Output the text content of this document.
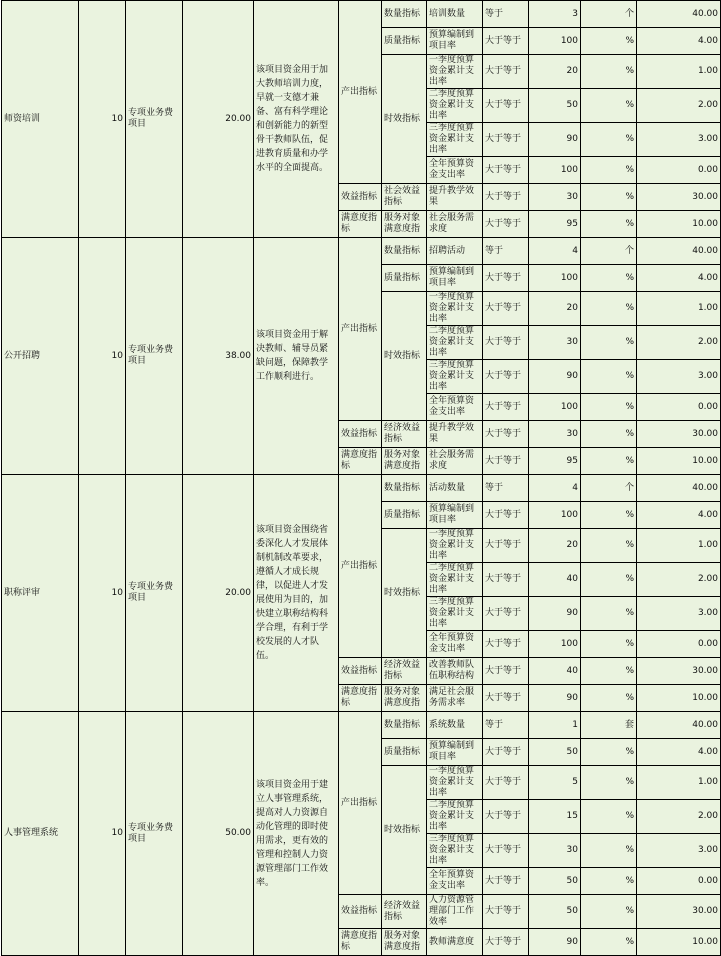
师资培训	10	专项业务费项目	20.00	该项目资金用于加大教师培训力度，早就一支德才兼备、富有科学理论和创新能力的新型骨干教师队伍，促进教育质量和办学水平的全面提高。	产出指标	数量指标	培训数量	等于	3	个	40.00
						质量指标	预算编制到项目率	大于等于	100	%	4.00
						时效指标	一季度预算资金累计支出率	大于等于	20	%	1.00
							二季度预算资金累计支出率	大于等于	50	%	2.00
							三季度预算资金累计支出率	大于等于	90	%	3.00
							全年预算资金支出率	大于等于	100	%	0.00
					效益指标	社会效益指标	提升教学效果	大于等于	30	%	30.00
					满意度指标	服务对象满意度指	社会服务需求度	大于等于	95	%	10.00
公开招聘	10	专项业务费项目	38.00	该项目资金用于解决教师、辅导员紧缺问题，保障教学工作顺利进行。	产出指标	数量指标	招聘活动	等于	4	个	40.00
						质量指标	预算编制到项目率	大于等于	100	%	4.00
						时效指标	一季度预算资金累计支出率	大于等于	20	%	1.00
							二季度预算资金累计支出率	大于等于	30	%	2.00
							三季度预算资金累计支出率	大于等于	90	%	3.00
							全年预算资金支出率	大于等于	100	%	0.00
					效益指标	经济效益指标	提升教学效果	大于等于	30	%	30.00
					满意度指标	服务对象满意度指	社会服务需求度	大于等于	95	%	10.00
职称评审	10	专项业务费项目	20.00	该项目资金围绕省委深化人才发展体制机制改革要求，遵循人才成长规律，以促进人才发展使用为目的，加快建立职称结构科学合理，有利于学校发展的人才队伍。	产出指标	数量指标	活动数量	等于	4	个	40.00
						质量指标	预算编制到项目率	大于等于	100	%	4.00
						时效指标	一季度预算资金累计支出率	大于等于	20	%	1.00
							二季度预算资金累计支出率	大于等于	40	%	2.00
							三季度预算资金累计支出率	大于等于	90	%	3.00
							全年预算资金支出率	大于等于	100	%	0.00
					效益指标	经济效益指标	改善教师队伍职称结构	大于等于	40	%	30.00
					满意度指标	服务对象满意度指	满足社会服务需求率	大于等于	90	%	10.00
人事管理系统	10	专项业务费项目	50.00	该项目资金用于建立人事管理系统，提高对人力资源自动化管理的即时使用需求，更有效的管理和控制人力资源管理部门工作效率。	产出指标	数量指标	系统数量	等于	1	套	40.00
						质量指标	预算编制到项目率	大于等于	50	%	4.00
						时效指标	一季度预算资金累计支出率	大于等于	5	%	1.00
							二季度预算资金累计支出率	大于等于	15	%	2.00
							三季度预算资金累计支出率	大于等于	30	%	3.00
							全年预算资金支出率	大于等于	50	%	0.00
					效益指标	经济效益指标	人力资源管理部门工作效率	大于等于	50	%	30.00
					满意度指标	服务对象满意度指	教师满意度	大于等于	90	%	10.00
